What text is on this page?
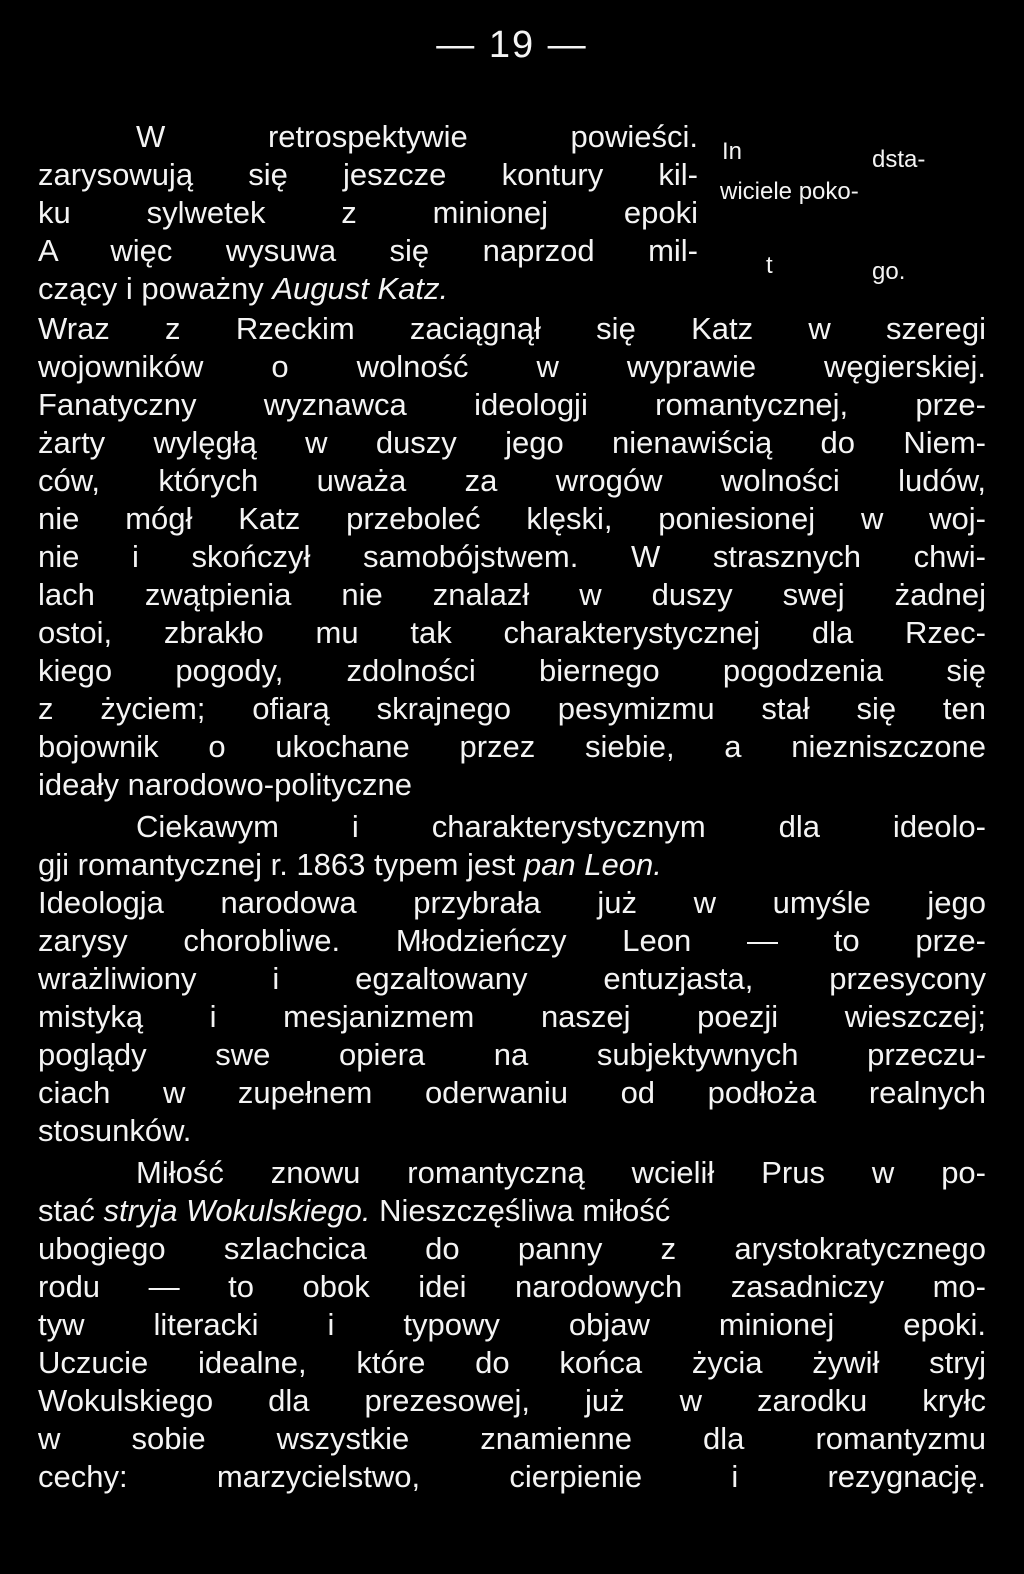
— 19 —
In	dsta-
wiciele poko-
t	go.
W retrospektywie powieści.
zarysowują się jeszcze kontury kil-
ku sylwetek z minionej epoki
A więc wysuwa się naprzod mil-
czący i poważny August Katz.
Wraz z Rzeckim zaciągnął się Katz w szeregi
wojowników o wolność w wyprawie węgierskiej.
Fanatyczny wyznawca ideologji romantycznej, prze-
żarty wylęgłą w duszy jego nienawiścią do Niem-
ców, których uważa za wrogów wolności ludów,
nie mógł Katz przeboleć klęski, poniesionej w woj-
nie i skończył samobójstwem. W strasznych chwi-
lach zwątpienia nie znalazł w duszy swej żadnej
ostoi, zbrakło mu tak charakterystycznej dla Rzec-
kiego pogody, zdolności biernego pogodzenia się
z życiem; ofiarą skrajnego pesymizmu stał się ten
bojownik o ukochane przez siebie, a niezniszczone
ideały narodowo-polityczne
Ciekawym i charakterystycznym dla ideolo-
gji romantycznej r. 1863 typem jest pan Leon.
Ideologja narodowa przybrała już w umyśle jego
zarysy chorobliwe. Młodzieńczy Leon — to prze-
wrażliwiony i egzaltowany entuzjasta, przesycony
mistyką i mesjanizmem naszej poezji wieszczej;
poglądy swe opiera na subjektywnych przeczu-
ciach w zupełnem oderwaniu od podłoża realnych
stosunków.
Miłość znowu romantyczną wcielił Prus w po-
stać stryja Wokulskiego. Nieszczęśliwa miłość
ubogiego szlachcica do panny z arystokratycznego
rodu — to obok idei narodowych zasadniczy mo-
tyw literacki i typowy objaw minionej epoki.
Uczucie idealne, które do końca życia żywił stryj
Wokulskiego dla prezesowej, już w zarodku kryłc
w sobie wszystkie znamienne dla romantyzmu
cechy: marzycielstwo, cierpienie i rezygnację.
